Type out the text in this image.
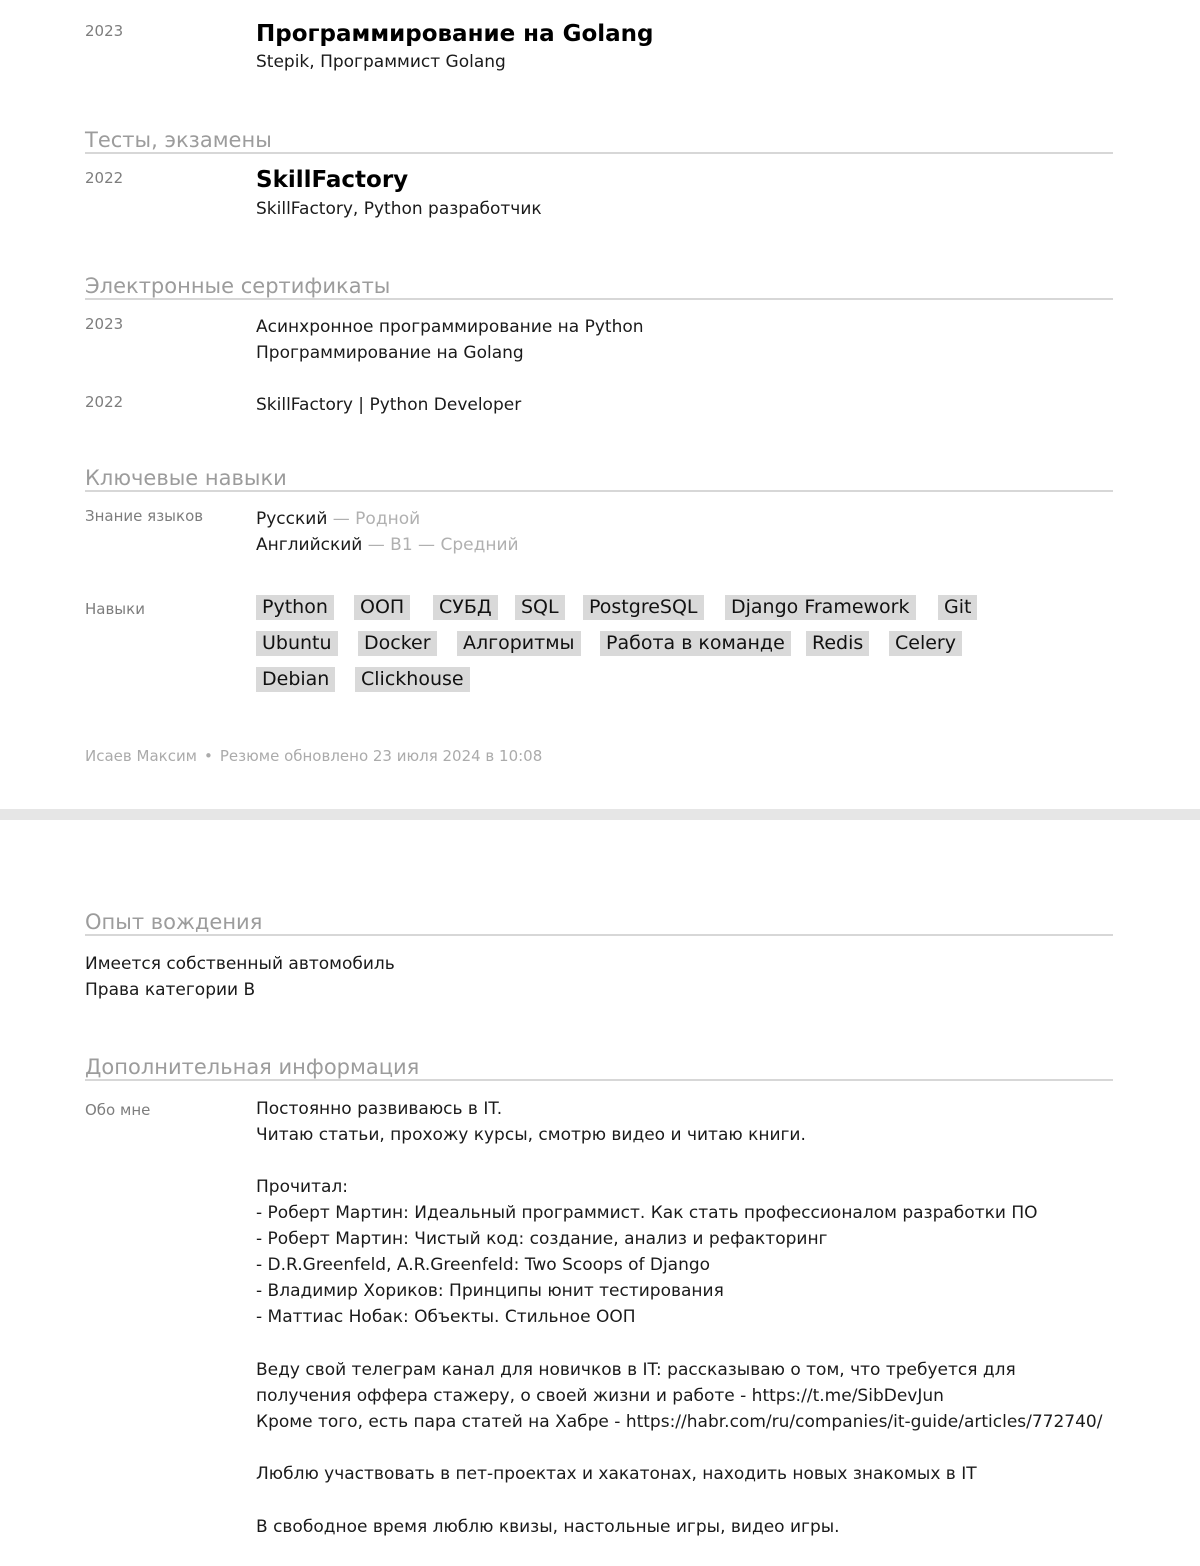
2023	Программирование на Golang
Stepik, Программист Golang
Тесты, экзамены
2022	SkillFactory
SkillFactory, Python разработчик
Электронные сертификаты
2023	Асинхронное программирование на Python
Программирование на Golang
2022	SkillFactory | Python Developer
Ключевые навыки
Знание языков	Русский — Родной
Английский — B1 — Средний
Навыки	Python	ООП	СУБД	SQL	PostgreSQL	Django Framework	Git
Ubuntu	Docker	Алгоритмы	Работа в команде	Redis	Celery
Debian	Clickhouse
Исаев Максим • Резюме обновлено 23 июля 2024 в 10:08
Опыт вождения
Имеется собственный автомобиль
Права категории B
Дополнительная информация
Обо мне	Постоянно развиваюсь в IT.
Читаю статьи, прохожу курсы, смотрю видео и читаю книги.
Прочитал:
- Роберт Мартин: Идеальный программист. Как стать профессионалом разработки ПО
- Роберт Мартин: Чистый код: создание, анализ и рефакторинг
- D.R.Greenfeld, A.R.Greenfeld: Two Scoops of Django
- Владимир Хориков: Принципы юнит тестирования
- Маттиас Нобак: Объекты. Стильное ООП
Веду свой телеграм канал для новичков в IT: рассказываю о том, что требуется для
получения оффера стажеру, о своей жизни и работе - https://t.me/SibDevJun
Кроме того, есть пара статей на Хабре - https://habr.com/ru/companies/it-guide/articles/772740/
Люблю участвовать в пет-проектах и хакатонах, находить новых знакомых в IT
В свободное время люблю квизы, настольные игры, видео игры.
